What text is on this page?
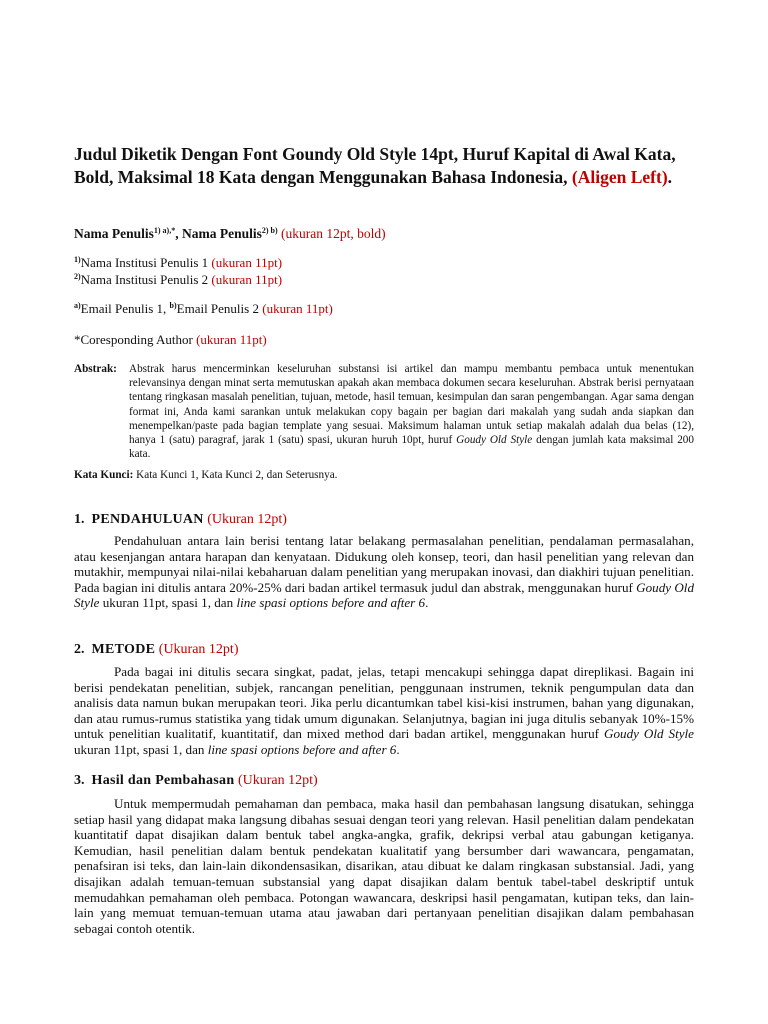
Judul Diketik Dengan Font Goundy Old Style 14pt, Huruf Kapital di Awal Kata, Bold, Maksimal 18 Kata dengan Menggunakan Bahasa Indonesia, (Aligen Left).
Nama Penulis$^{1) a),*}$, Nama Penulis$^{2) b)}$ (ukuran 12pt, bold)
$^{1)}$Nama Institusi Penulis 1 (ukuran 11pt)
$^{2)}$Nama Institusi Penulis 2 (ukuran 11pt)
$^{a)}$Email Penulis 1, $^{b)}$Email Penulis 2 (ukuran 11pt)
*Coresponding Author (ukuran 11pt)
Abstrak: Abstrak harus mencerminkan keseluruhan substansi isi artikel dan mampu membantu pembaca untuk menentukan relevansinya dengan minat serta memutuskan apakah akan membaca dokumen secara keseluruhan. Abstrak berisi pernyataan tentang ringkasan masalah penelitian, tujuan, metode, hasil temuan, kesimpulan dan saran pengembangan. Agar sama dengan format ini, Anda kami sarankan untuk melakukan copy bagain per bagian dari makalah yang sudah anda siapkan dan menempelkan/paste pada bagian template yang sesuai. Maksimum halaman untuk setiap makalah adalah dua belas (12), hanya 1 (satu) paragraf, jarak 1 (satu) spasi, ukuran huruh 10pt, huruf Goudy Old Style dengan jumlah kata maksimal 200 kata.
Kata Kunci: Kata Kunci 1, Kata Kunci 2, dan Seterusnya.
1. PENDAHULUAN (Ukuran 12pt)

Pendahuluan antara lain berisi tentang latar belakang permasalahan penelitian, pendalaman permasalahan, atau kesenjangan antara harapan dan kenyataan. Didukung oleh konsep, teori, dan hasil penelitian yang relevan dan mutakhir, mempunyai nilai-nilai kebaharuan dalam penelitian yang merupakan inovasi, dan diakhiri tujuan penelitian. Pada bagian ini ditulis antara 20%-25% dari badan artikel termasuk judul dan abstrak, menggunakan huruf Goudy Old Style ukuran 11pt, spasi 1, dan line spasi options before and after 6.

2. METODE (Ukuran 12pt)

Pada bagai ini ditulis secara singkat, padat, jelas, tetapi mencakupi sehingga dapat direplikasi. Bagain ini berisi pendekatan penelitian, subjek, rancangan penelitian, penggunaan instrumen, teknik pengumpulan data dan analisis data namun bukan merupakan teori. Jika perlu dicantumkan tabel kisi-kisi instrumen, bahan yang digunakan, dan atau rumus-rumus statistika yang tidak umum digunakan. Selanjutnya, bagian ini juga ditulis sebanyak 10%-15% untuk penelitian kualitatif, kuantitatif, dan mixed method dari badan artikel, menggunakan huruf Goudy Old Style ukuran 11pt, spasi 1, dan line spasi options before and after 6.

3. Hasil dan Pembahasan (Ukuran 12pt)

Untuk mempermudah pemahaman dan pembaca, maka hasil dan pembahasan langsung disatukan, sehingga setiap hasil yang didapat maka langsung dibahas sesuai dengan teori yang relevan. Hasil penelitian dalam pendekatan kuantitatif dapat disajikan dalam bentuk tabel angka-angka, grafik, dekripsi verbal atau gabungan ketiganya. Kemudian, hasil penelitian dalam bentuk pendekatan kualitatif yang bersumber dari wawancara, pengamatan, penafsiran isi teks, dan lain-lain dikondensasikan, disarikan, atau dibuat ke dalam ringkasan substansial. Jadi, yang disajikan adalah temuan-temuan substansial yang dapat disajikan dalam bentuk tabel-tabel deskriptif untuk memudahkan pemahaman oleh pembaca. Potongan wawancara, deskripsi hasil pengamatan, kutipan teks, dan lain-lain yang memuat temuan-temuan utama atau jawaban dari pertanyaan penelitian disajikan dalam pembahasan sebagai contoh otentik.
